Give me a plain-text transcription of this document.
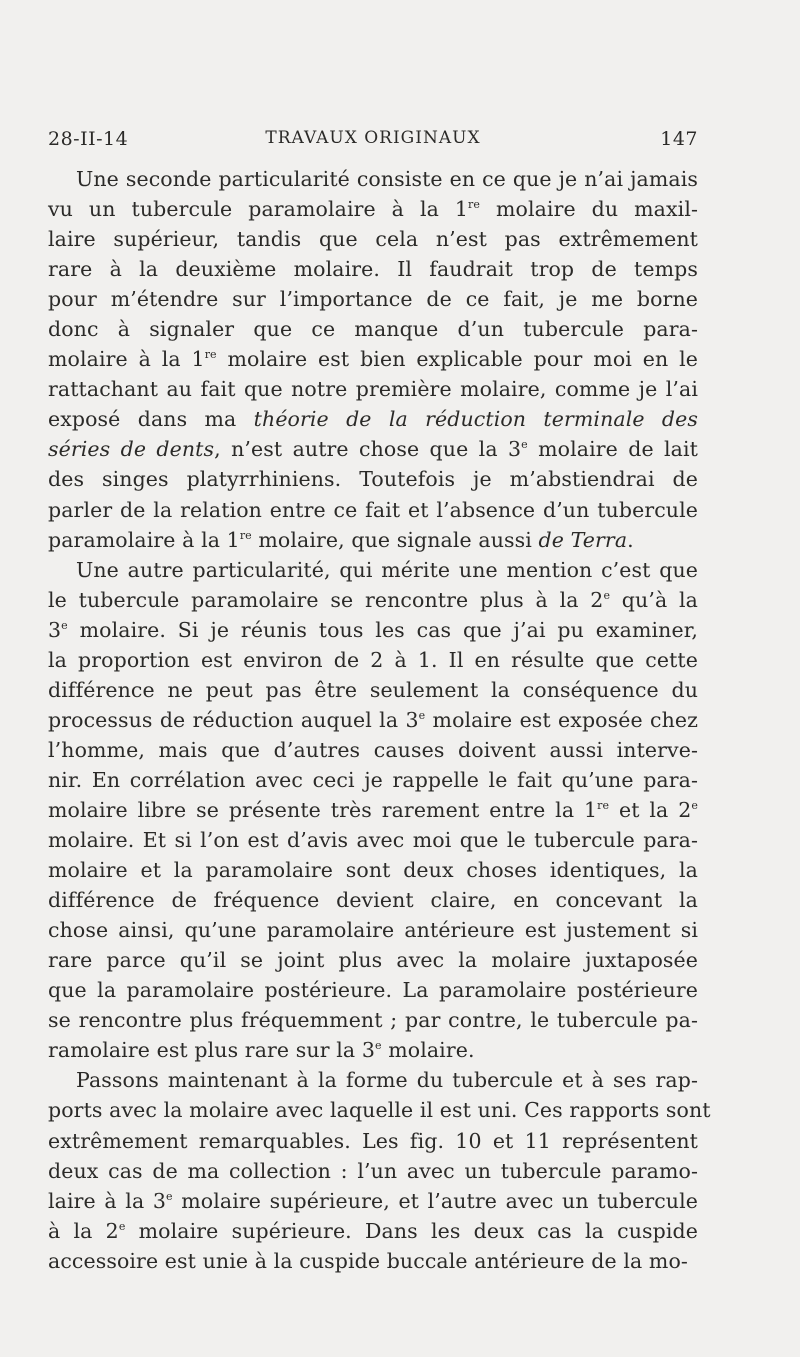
28-II-14	TRAVAUX ORIGINAUX	147
Une seconde particularité consiste en ce que je n’ai jamais
vu un tubercule paramolaire à la 1re molaire du maxil-
laire supérieur, tandis que cela n’est pas extrêmement
rare à la deuxième molaire. Il faudrait trop de temps
pour m’étendre sur l’importance de ce fait, je me borne
donc à signaler que ce manque d’un tubercule para-
molaire à la 1re molaire est bien explicable pour moi en le
rattachant au fait que notre première molaire, comme je l’ai
exposé dans ma théorie de la réduction terminale des
séries de dents, n’est autre chose que la 3e molaire de lait
des singes platyrrhiniens. Toutefois je m’abstiendrai de
parler de la relation entre ce fait et l’absence d’un tubercule
paramolaire à la 1re molaire, que signale aussi de Terra.
Une autre particularité, qui mérite une mention c’est que
le tubercule paramolaire se rencontre plus à la 2e qu’à la
3e molaire. Si je réunis tous les cas que j’ai pu examiner,
la proportion est environ de 2 à 1. Il en résulte que cette
différence ne peut pas être seulement la conséquence du
processus de réduction auquel la 3e molaire est exposée chez
l’homme, mais que d’autres causes doivent aussi interve-
nir. En corrélation avec ceci je rappelle le fait qu’une para-
molaire libre se présente très rarement entre la 1re et la 2e
molaire. Et si l’on est d’avis avec moi que le tubercule para-
molaire et la paramolaire sont deux choses identiques, la
différence de fréquence devient claire, en concevant la
chose ainsi, qu’une paramolaire antérieure est justement si
rare parce qu’il se joint plus avec la molaire juxtaposée
que la paramolaire postérieure. La paramolaire postérieure
se rencontre plus fréquemment ; par contre, le tubercule pa-
ramolaire est plus rare sur la 3e molaire.
Passons maintenant à la forme du tubercule et à ses rap-
ports avec la molaire avec laquelle il est uni. Ces rapports sont
extrêmement remarquables. Les fig. 10 et 11 représentent
deux cas de ma collection : l’un avec un tubercule paramo-
laire à la 3e molaire supérieure, et l’autre avec un tubercule
à la 2e molaire supérieure. Dans les deux cas la cuspide
accessoire est unie à la cuspide buccale antérieure de la mo-
